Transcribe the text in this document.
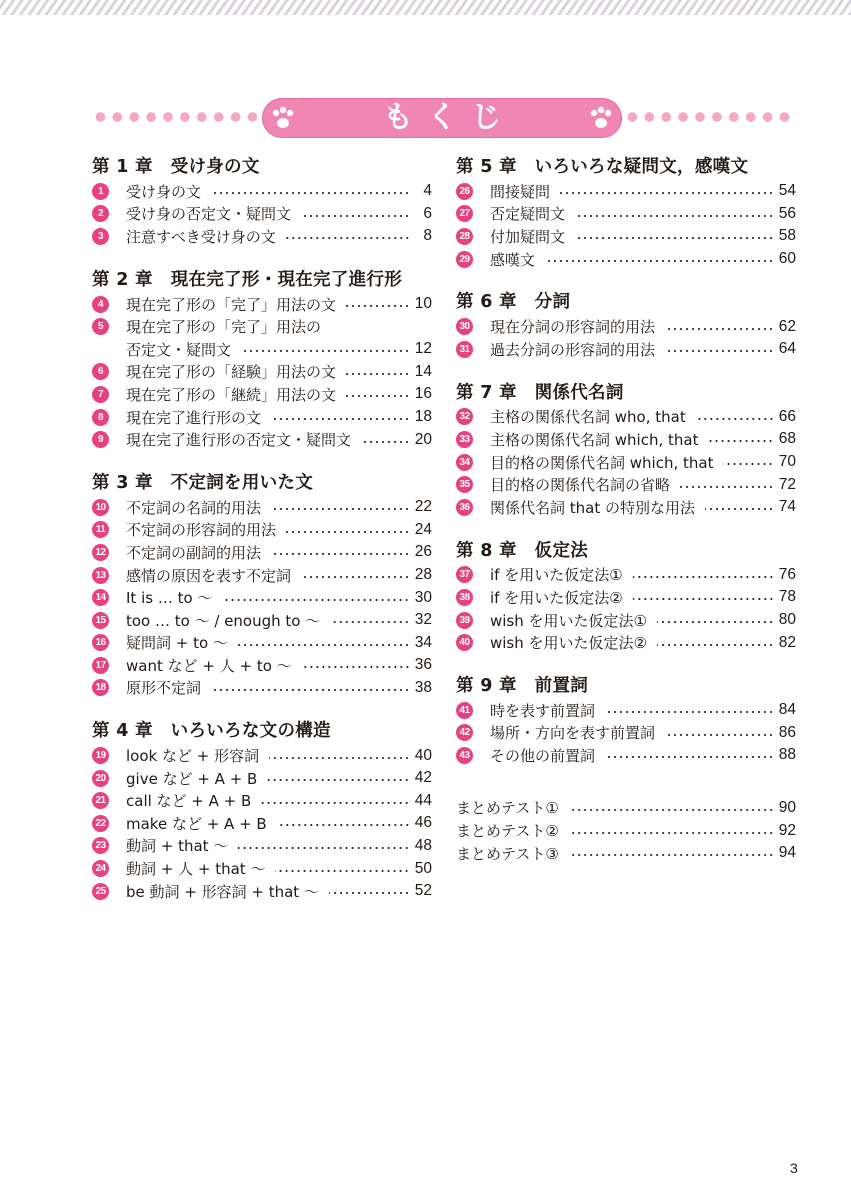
もくじ
第 1 章　受け身の文
1	受け身の文	4
2	受け身の否定文・疑問文	6
3	注意すべき受け身の文	8
第 2 章　現在完了形・現在完了進行形
4	現在完了形の「完了」用法の文	10
5	現在完了形の「完了」用法の
否定文・疑問文	12
6	現在完了形の「経験」用法の文	14
7	現在完了形の「継続」用法の文	16
8	現在完了進行形の文	18
9	現在完了進行形の否定文・疑問文	20
第 3 章　不定詞を用いた文
10 不定詞の名詞的用法	22
11 不定詞の形容詞的用法	24
12 不定詞の副詞的用法	26
13 感情の原因を表す不定詞	28
14 It is … to ～	30
15 too … to ～ / enough to ～	32
16 疑問詞 + to ～	34
17 want など + 人 + to ～	36
18 原形不定詞	38
第 4 章　いろいろな文の構造
19 look など + 形容詞	40
20 give など + A + B	42
21 call など + A + B	44
22 make など + A + B	46
23 動詞 + that ～	48
24 動詞 + 人 + that ～	50
25 be 動詞 + 形容詞 + that ～	52
第 5 章　いろいろな疑問文，感嘆文
26 間接疑問	54
27 否定疑問文	56
28 付加疑問文	58
29 感嘆文	60
第 6 章　分詞
30 現在分詞の形容詞的用法	62
31 過去分詞の形容詞的用法	64
第 7 章　関係代名詞
32 主格の関係代名詞 who, that	66
33 主格の関係代名詞 which, that	68
34 目的格の関係代名詞 which, that	70
35 目的格の関係代名詞の省略	72
36 関係代名詞 that の特別な用法	74
第 8 章　仮定法
37 if を用いた仮定法①	76
38 if を用いた仮定法②	78
39 wish を用いた仮定法①	80
40 wish を用いた仮定法②	82
第 9 章　前置詞
41 時を表す前置詞	84
42 場所・方向を表す前置詞	86
43 その他の前置詞	88
まとめテスト①	90
まとめテスト②	92
まとめテスト③	94
3
